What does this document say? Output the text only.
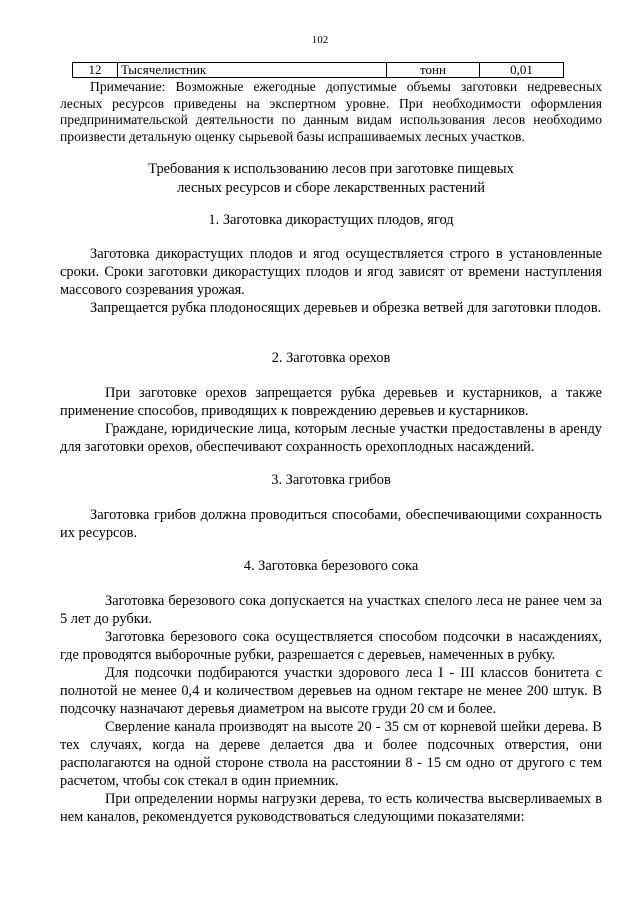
102
12	Тысячелистник	тонн	0,01

Примечание: Возможные ежегодные допустимые объемы заготовки недревесных лесных ресурсов приведены на экспертном уровне. При необходимости оформления предпринимательской деятельности по данным видам использования лесов необходимо произвести детальную оценку сырьевой базы испрашиваемых лесных участков.

Требования к использованию лесов при заготовке пищевых
лесных ресурсов и сборе лекарственных растений
1. Заготовка дикорастущих плодов, ягод

Заготовка дикорастущих плодов и ягод осуществляется строго в установленные сроки. Сроки заготовки дикорастущих плодов и ягод зависят от времени наступления массового созревания урожая.

Запрещается рубка плодоносящих деревьев и обрезка ветвей для заготовки плодов.

2. Заготовка орехов

При заготовке орехов запрещается рубка деревьев и кустарников, а также применение способов, приводящих к повреждению деревьев и кустарников.

Граждане, юридические лица, которым лесные участки предоставлены в аренду для заготовки орехов, обеспечивают сохранность орехоплодных насаждений.

3. Заготовка грибов

Заготовка грибов должна проводиться способами, обеспечивающими сохранность их ресурсов.

4. Заготовка березового сока

Заготовка березового сока допускается на участках спелого леса не ранее чем за 5 лет до рубки.

Заготовка березового сока осуществляется способом подсочки в насаждениях, где проводятся выборочные рубки, разрешается с деревьев, намеченных в рубку.

Для подсочки подбираются участки здорового леса I - III классов бонитета с полнотой не менее 0,4 и количеством деревьев на одном гектаре не менее 200 штук. В подсочку назначают деревья диаметром на высоте груди 20 см и более.

Сверление канала производят на высоте 20 - 35 см от корневой шейки дерева. В тех случаях, когда на дереве делается два и более подсочных отверстия, они располагаются на одной стороне ствола на расстоянии 8 - 15 см одно от другого с тем расчетом, чтобы сок стекал в один приемник.

При определении нормы нагрузки дерева, то есть количества высверливаемых в нем каналов, рекомендуется руководствоваться следующими показателями:
